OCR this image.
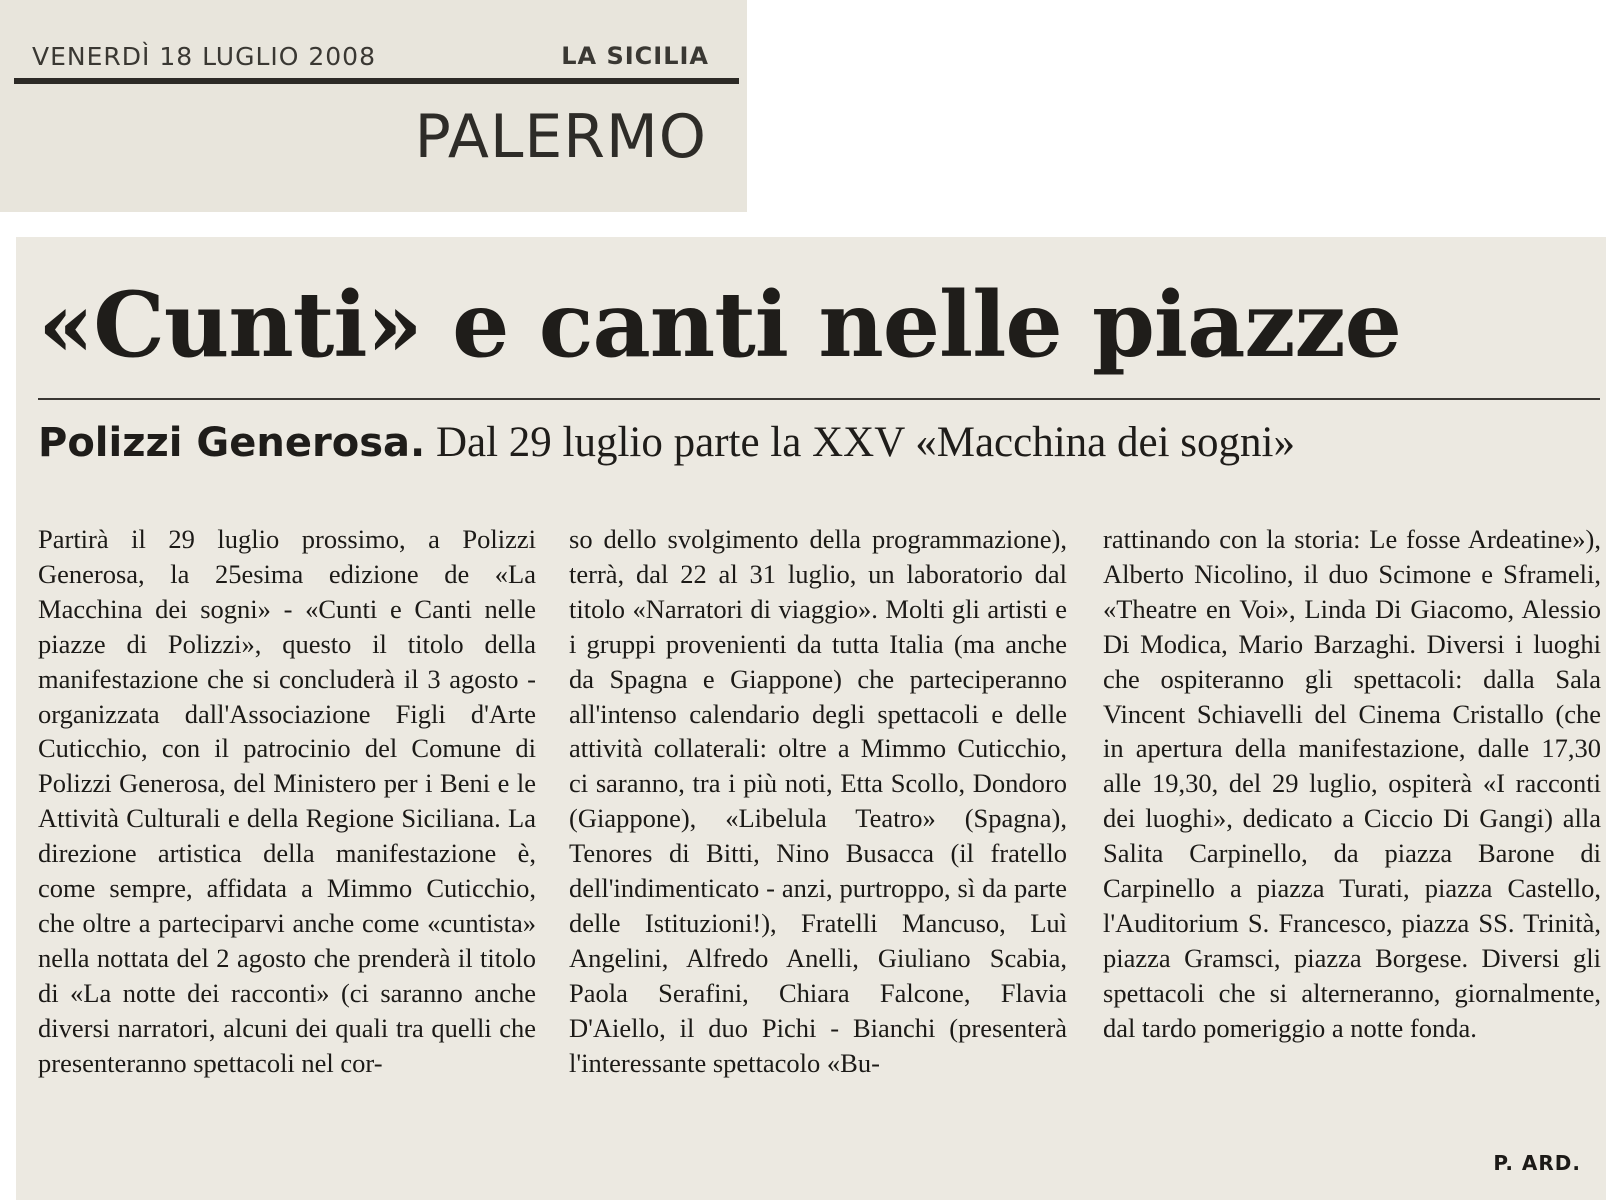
VENERDÌ 18 LUGLIO 2008	LA SICILIA
PALERMO
«Cunti» e canti nelle piazze
Polizzi Generosa. Dal 29 luglio parte la XXV «Macchina dei sogni»
Partirà il 29 luglio prossimo, a Polizzi Generosa, la 25esima edizione de «La Macchina dei sogni» - «Cunti e Canti nelle piazze di Polizzi», questo il titolo della manifestazione che si concluderà il 3 agosto - organizzata dall'Associazione Figli d'Arte Cuticchio, con il patrocinio del Comune di Polizzi Generosa, del Ministero per i Beni e le Attività Culturali e della Regione Siciliana. La direzione artistica della manifestazione è, come sempre, affidata a Mimmo Cuticchio, che oltre a parteciparvi anche come «cuntista» nella nottata del 2 agosto che prenderà il titolo di «La notte dei racconti» (ci saranno anche diversi narratori, alcuni dei quali tra quelli che presenteranno spettacoli nel cor-
so dello svolgimento della programmazione), terrà, dal 22 al 31 luglio, un laboratorio dal titolo «Narratori di viaggio». Molti gli artisti e i gruppi provenienti da tutta Italia (ma anche da Spagna e Giappone) che parteciperanno all'intenso calendario degli spettacoli e delle attività collaterali: oltre a Mimmo Cuticchio, ci saranno, tra i più noti, Etta Scollo, Dondoro (Giappone), «Libelula Teatro» (Spagna), Tenores di Bitti, Nino Busacca (il fratello dell'indimenticato - anzi, purtroppo, sì da parte delle Istituzioni!), Fratelli Mancuso, Luì Angelini, Alfredo Anelli, Giuliano Scabia, Paola Serafini, Chiara Falcone, Flavia D'Aiello, il duo Pichi - Bianchi (presenterà l'interessante spettacolo «Bu-
rattinando con la storia: Le fosse Ardeatine»), Alberto Nicolino, il duo Scimone e Sframeli, «Theatre en Voi», Linda Di Giacomo, Alessio Di Modica, Mario Barzaghi. Diversi i luoghi che ospiteranno gli spettacoli: dalla Sala Vincent Schiavelli del Cinema Cristallo (che in apertura della manifestazione, dalle 17,30 alle 19,30, del 29 luglio, ospiterà «I racconti dei luoghi», dedicato a Ciccio Di Gangi) alla Salita Carpinello, da piazza Barone di Carpinello a piazza Turati, piazza Castello, l'Auditorium S. Francesco, piazza SS. Trinità, piazza Gramsci, piazza Borgese. Diversi gli spettacoli che si alterneranno, giornalmente, dal tardo pomeriggio a notte fonda.
P. ARD.
